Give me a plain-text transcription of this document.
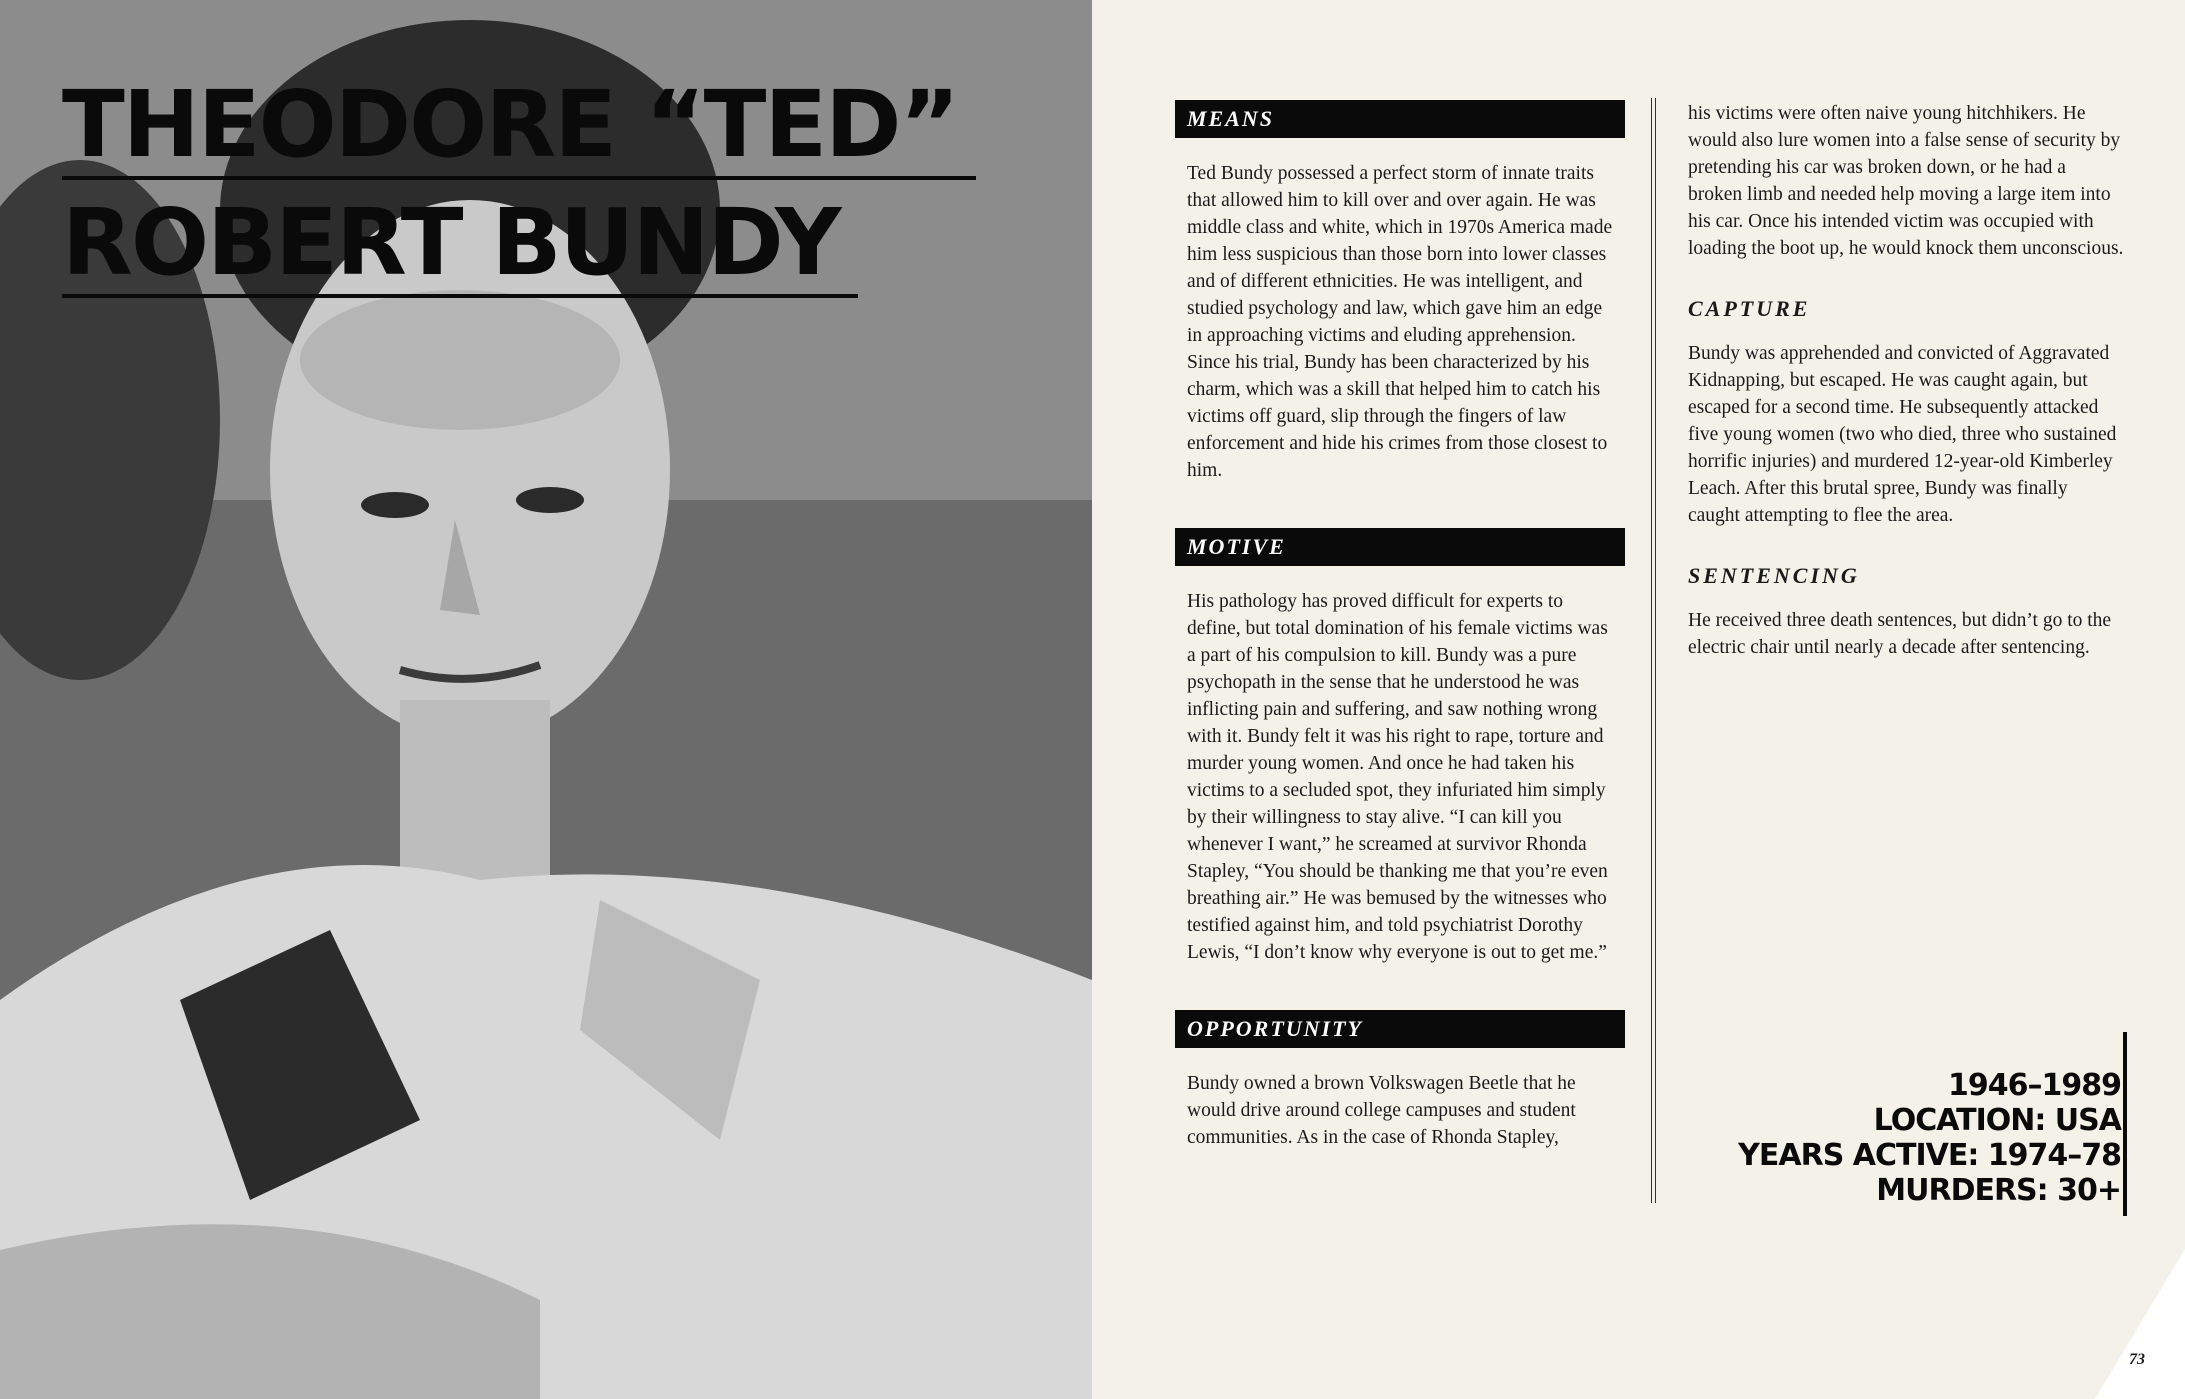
THEODORE “TED”
ROBERT BUNDY
MEANS

Ted Bundy possessed a perfect storm of innate traits that allowed him to kill over and over again. He was middle class and white, which in 1970s America made him less suspicious than those born into lower classes and of different ethnicities. He was intelligent, and studied psychology and law, which gave him an edge in approaching victims and eluding apprehension. Since his trial, Bundy has been characterized by his charm, which was a skill that helped him to catch his victims off guard, slip through the fingers of law enforcement and hide his crimes from those closest to him.

MOTIVE

His pathology has proved difficult for experts to define, but total domination of his female victims was a part of his compulsion to kill. Bundy was a pure psychopath in the sense that he understood he was inflicting pain and suffering, and saw nothing wrong with it. Bundy felt it was his right to rape, torture and murder young women. And once he had taken his victims to a secluded spot, they infuriated him simply by their willingness to stay alive. “I can kill you whenever I want,” he screamed at survivor Rhonda Stapley, “You should be thanking me that you’re even breathing air.” He was bemused by the witnesses who testified against him, and told psychiatrist Dorothy Lewis, “I don’t know why everyone is out to get me.”

OPPORTUNITY

Bundy owned a brown Volkswagen Beetle that he would drive around college campuses and student communities. As in the case of Rhonda Stapley,

his victims were often naive young hitchhikers. He would also lure women into a false sense of security by pretending his car was broken down, or he had a broken limb and needed help moving a large item into his car. Once his intended victim was occupied with loading the boot up, he would knock them unconscious.

CAPTURE

Bundy was apprehended and convicted of Aggravated Kidnapping, but escaped. He was caught again, but escaped for a second time. He subsequently attacked five young women (two who died, three who sustained horrific injuries) and murdered 12-year-old Kimberley Leach. After this brutal spree, Bundy was finally caught attempting to flee the area.

SENTENCING

He received three death sentences, but didn’t go to the electric chair until nearly a decade after sentencing.

1946–1989
LOCATION: USA
YEARS ACTIVE: 1974–78
MURDERS: 30+
73
